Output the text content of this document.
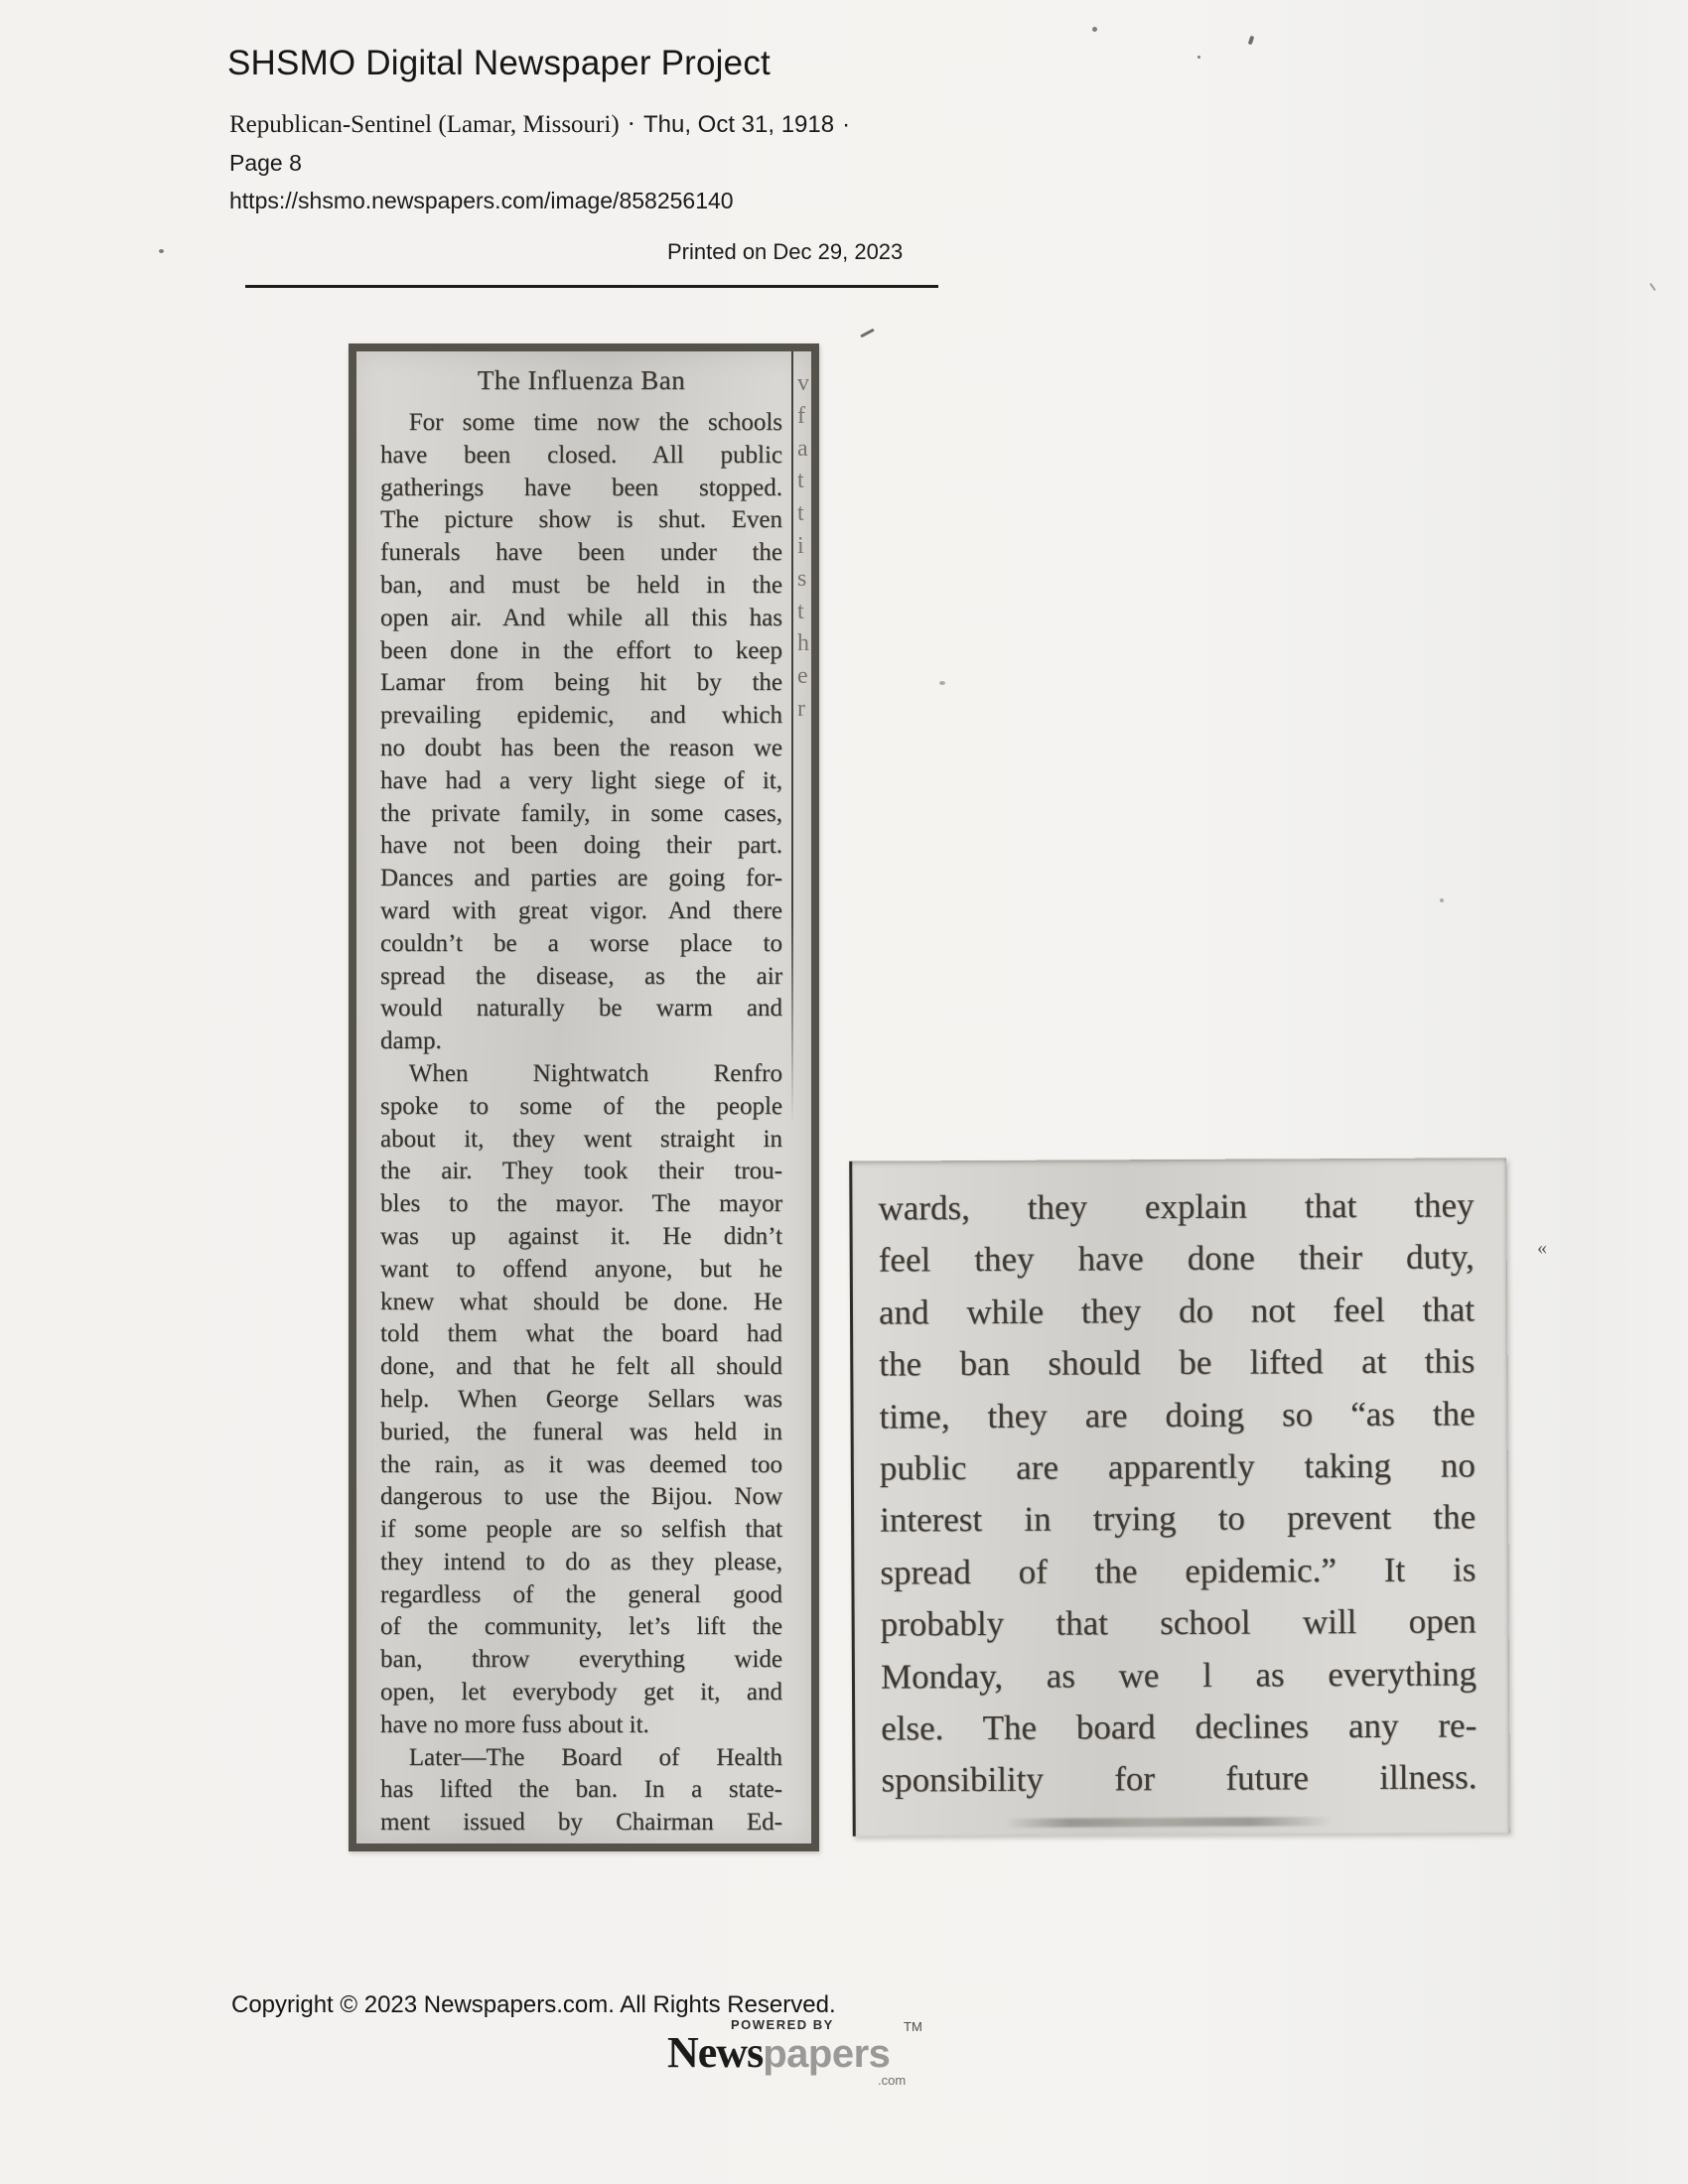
SHSMO Digital Newspaper Project
Republican-Sentinel (Lamar, Missouri) · Thu, Oct 31, 1918 ·
Page 8
https://shsmo.newspapers.com/image/858256140
Printed on Dec 29, 2023
The Influenza Ban
For some time now the schools
have been closed. All public
gatherings have been stopped.
The picture show is shut. Even
funerals have been under the
ban, and must be held in the
open air. And while all this has
been done in the effort to keep
Lamar from being hit by the
prevailing epidemic, and which
no doubt has been the reason we
have had a very light siege of it,
the private family, in some cases,
have not been doing their part.
Dances and parties are going for-
ward with great vigor. And there
couldn’t be a worse place to
spread the disease, as the air
would naturally be warm and
damp.
When Nightwatch Renfro
spoke to some of the people
about it, they went straight in
the air. They took their trou-
bles to the mayor. The mayor
was up against it. He didn’t
want to offend anyone, but he
knew what should be done. He
told them what the board had
done, and that he felt all should
help. When George Sellars was
buried, the funeral was held in
the rain, as it was deemed too
dangerous to use the Bijou. Now
if some people are so selfish that
they intend to do as they please,
regardless of the general good
of the community, let’s lift the
ban, throw everything wide
open, let everybody get it, and
have no more fuss about it.
Later—The Board of Health
has lifted the ban. In a state-
ment issued by Chairman Ed-
v
f
a
t
t
i
s
t
h
e
r
wards, they explain that they
feel they have done their duty,
and while they do not feel that
the ban should be lifted at this
time, they are doing so “as the
public are apparently taking no
interest in trying to prevent the
spread of the epidemic.” It is
probably that school will open
Monday, as we l as everything
else. The board declines any re-
sponsibility for future illness.
Copyright © 2023 Newspapers.com. All Rights Reserved.
POWERED BY
Newspapers
TM
.com
«
